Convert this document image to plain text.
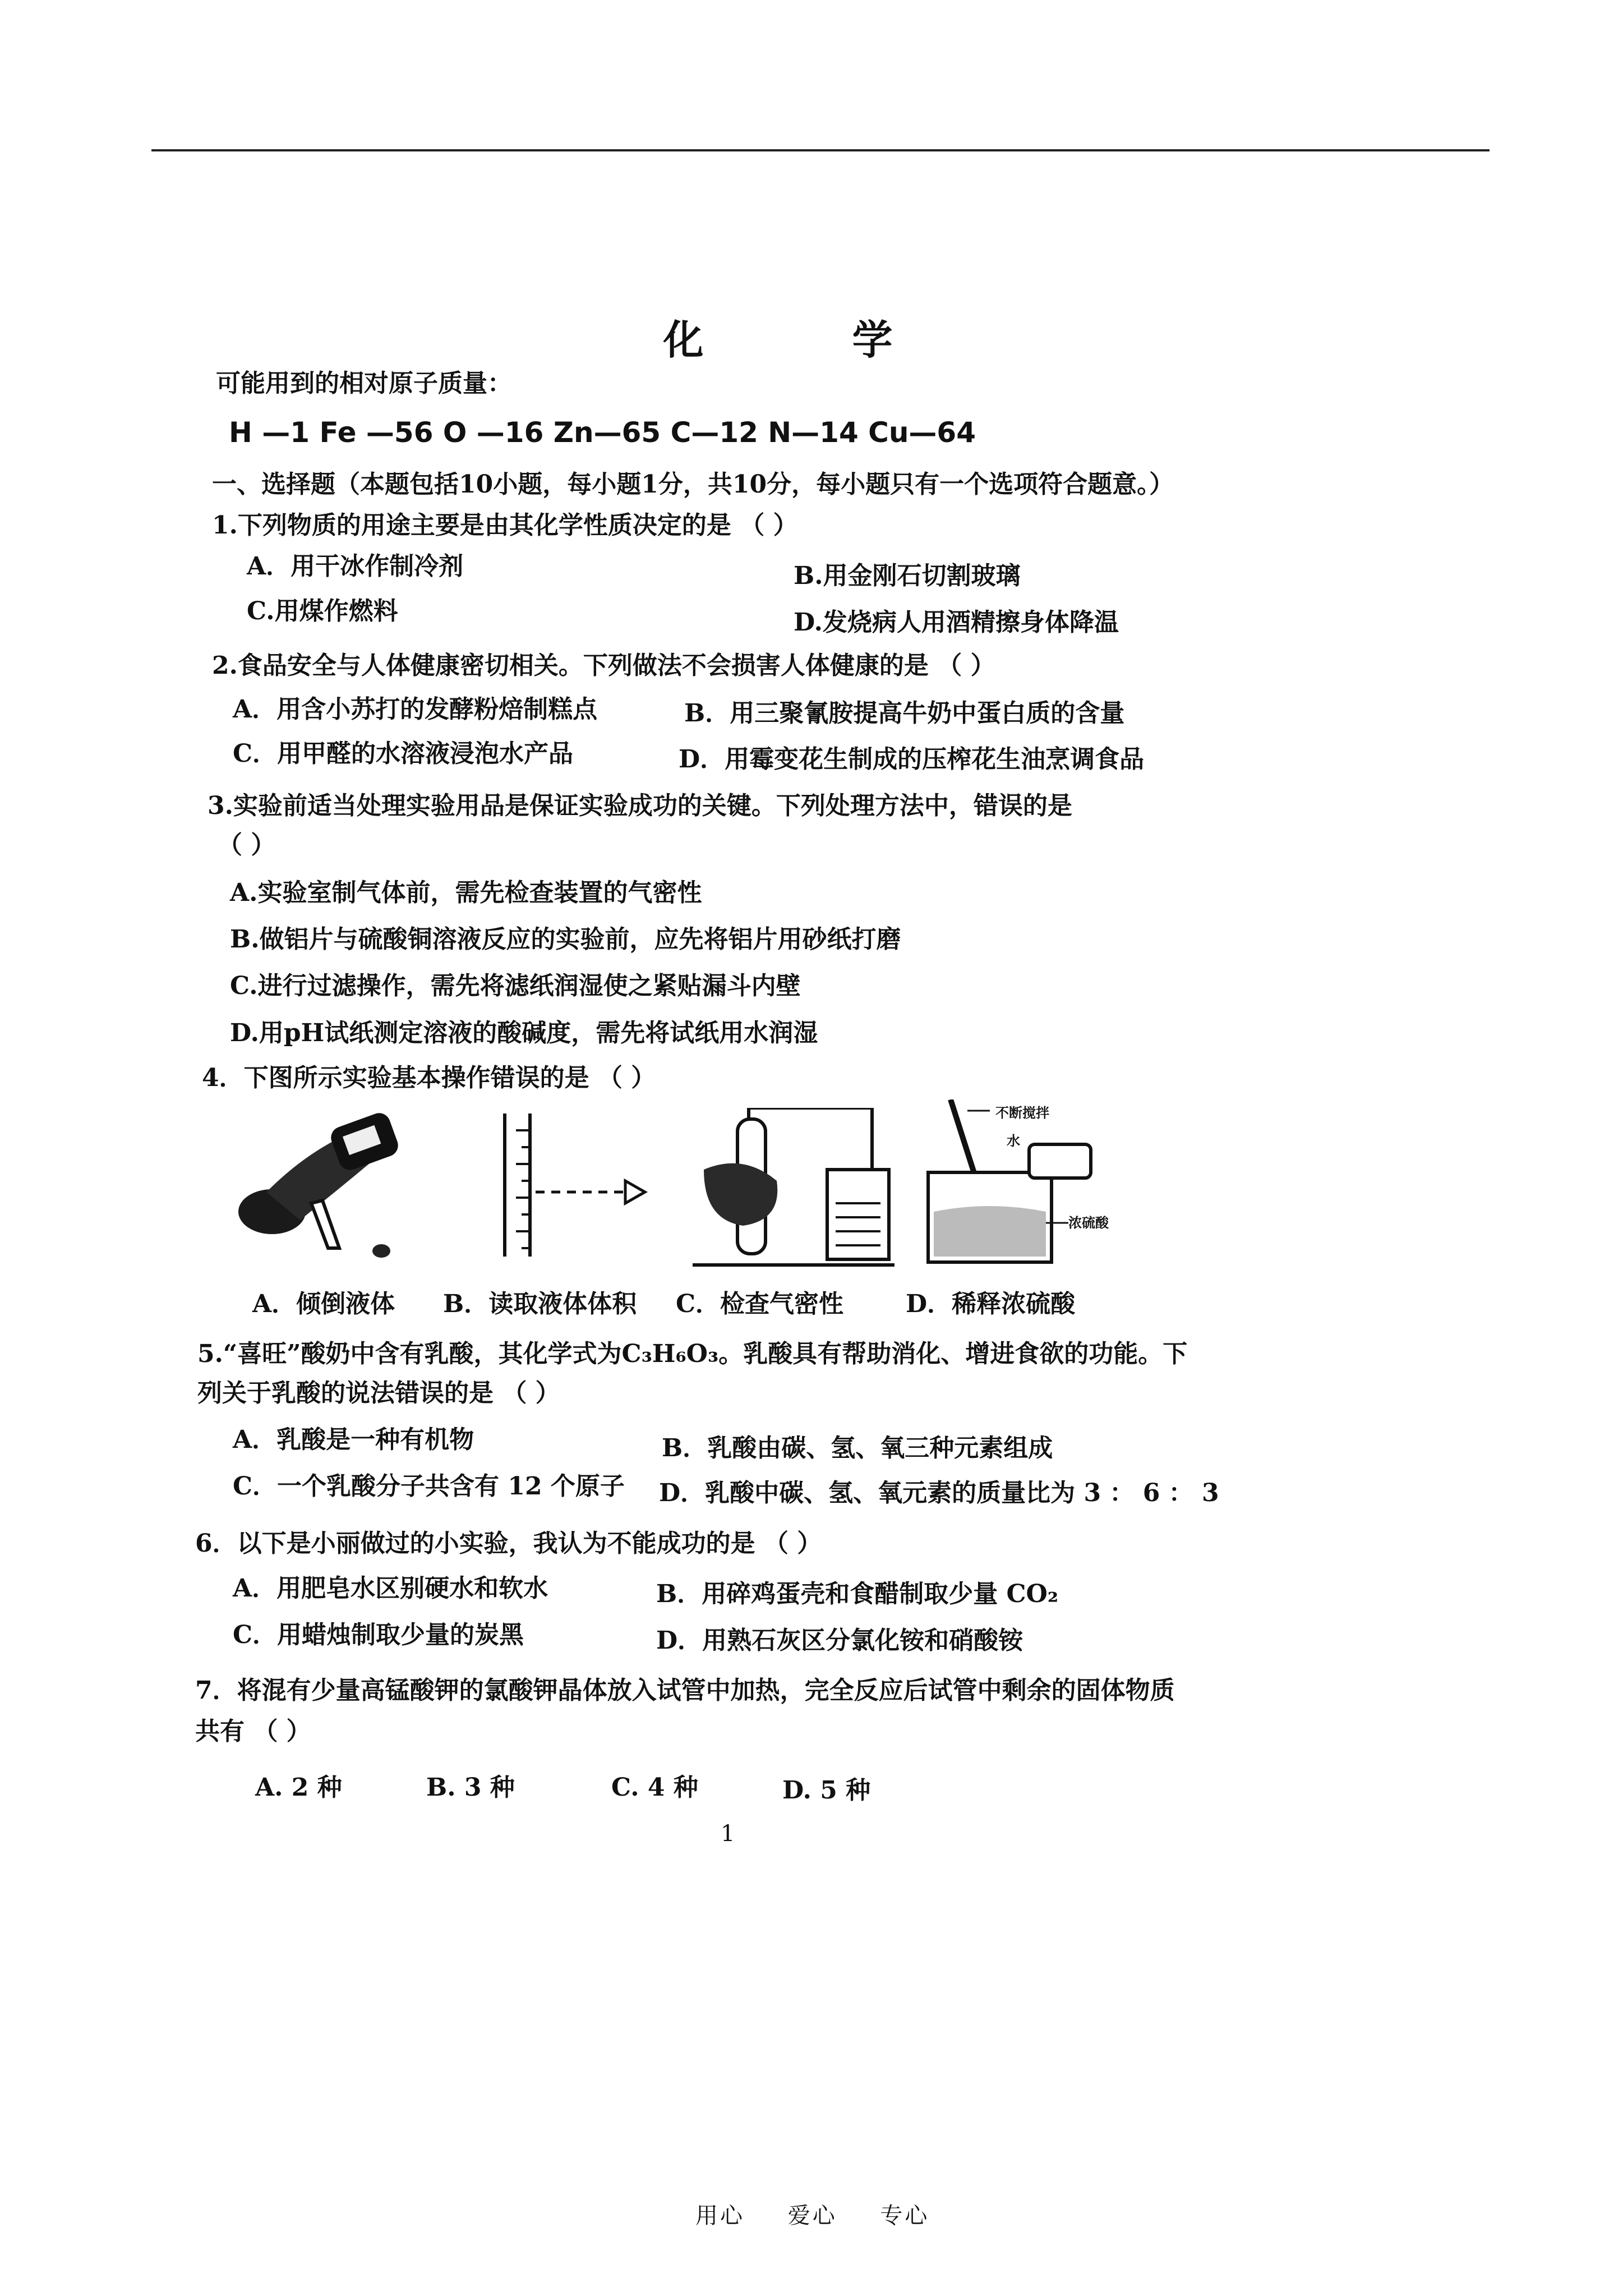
化 学
可能用到的相对原子质量：
H —1 Fe —56 O —16 Zn—65 C—12 N—14 Cu—64
一、选择题（本题包括10小题，每小题1分，共10分，每小题只有一个选项符合题意。）
1.下列物质的用途主要是由其化学性质决定的是 （ ）
A．用干冰作制冷剂	B.用金刚石切割玻璃
C.用煤作燃料	D.发烧病人用酒精擦身体降温
2.食品安全与人体健康密切相关。下列做法不会损害人体健康的是 （ ）
A．用含小苏打的发酵粉焙制糕点	B．用三聚氰胺提高牛奶中蛋白质的含量
C．用甲醛的水溶液浸泡水产品	D．用霉变花生制成的压榨花生油烹调食品
3.实验前适当处理实验用品是保证实验成功的关键。下列处理方法中，错误的是
（ ）
A.实验室制气体前，需先检查装置的气密性
B.做铝片与硫酸铜溶液反应的实验前，应先将铝片用砂纸打磨
C.进行过滤操作，需先将滤纸润湿使之紧贴漏斗内壁
D.用pH试纸测定溶液的酸碱度，需先将试纸用水润湿
4．下图所示实验基本操作错误的是 （ ）
不断搅拌
水
浓硫酸
A．倾倒液体 B．读取液体体积 C．检查气密性	D．稀释浓硫酸
5.“喜旺”酸奶中含有乳酸，其化学式为C₃H₆O₃。乳酸具有帮助消化、增进食欲的功能。下
列关于乳酸的说法错误的是 （ ）
A．乳酸是一种有机物	B．乳酸由碳、氢、氧三种元素组成
C．一个乳酸分子共含有 12 个原子 D．乳酸中碳、氢、氧元素的质量比为 3 ： 6 ： 3
6．以下是小丽做过的小实验，我认为不能成功的是 （ ）
A．用肥皂水区别硬水和软水	B．用碎鸡蛋壳和食醋制取少量 CO₂
C．用蜡烛制取少量的炭黑	D．用熟石灰区分氯化铵和硝酸铵
7．将混有少量高锰酸钾的氯酸钾晶体放入试管中加热，完全反应后试管中剩余的固体物质
共有 （ ）
A. 2 种	B. 3 种	C. 4 种	D. 5 种
1
用心 爱心 专心
